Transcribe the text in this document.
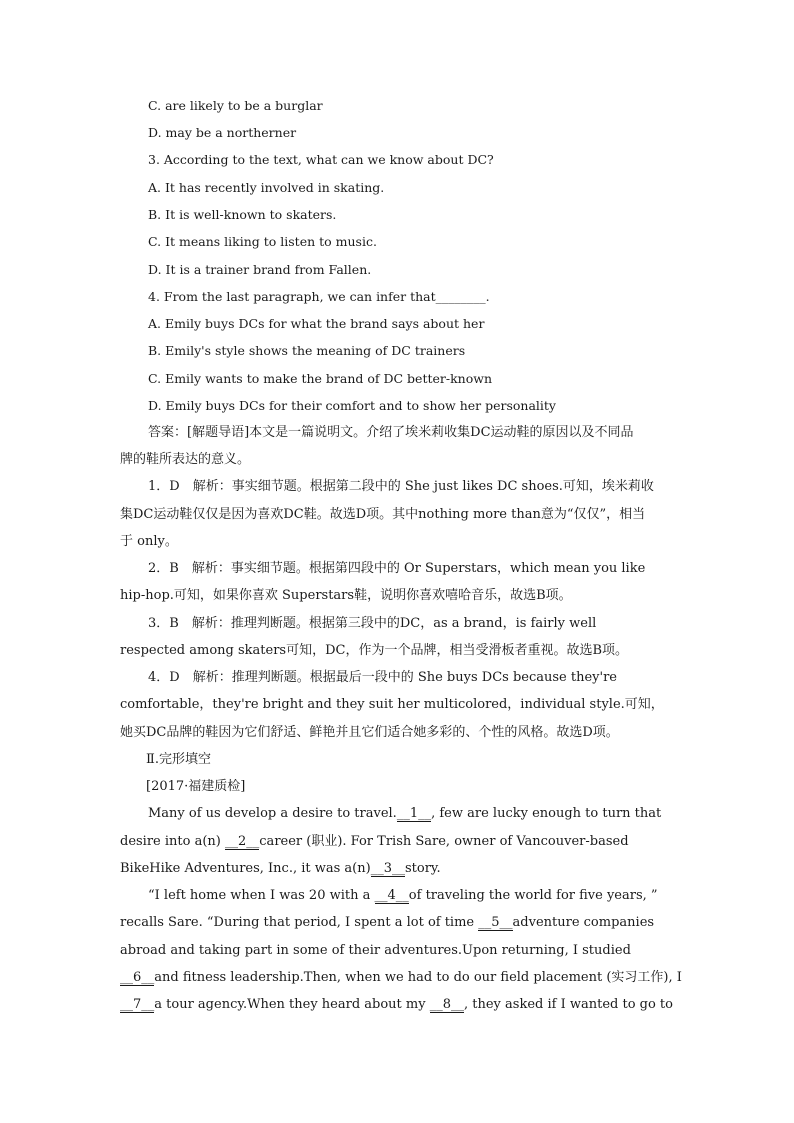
C. are likely to be a burglar
D. may be a northerner
3. According to the text, what can we know about DC?
A. It has recently involved in skating.
B. It is well-known to skaters.
C. It means liking to listen to music.
D. It is a trainer brand from Fallen.
4. From the last paragraph, we can infer that________.
A. Emily buys DCs for what the brand says about her
B. Emily's style shows the meaning of DC trainers
C. Emily wants to make the brand of DC better-known
D. Emily buys DCs for their comfort and to show her personality
答案：[解题导语]本文是一篇说明文。介绍了埃米莉收集DC运动鞋的原因以及不同品
牌的鞋所表达的意义。
1．D　解析：事实细节题。根据第二段中的 She just likes DC shoes.可知，埃米莉收
集DC运动鞋仅仅是因为喜欢DC鞋。故选D项。其中nothing more than意为“仅仅”，相当
于 only。
2．B　解析：事实细节题。根据第四段中的 Or Superstars，which mean you like
hip-hop.可知，如果你喜欢 Superstars鞋，说明你喜欢嘻哈音乐，故选B项。
3．B　解析：推理判断题。根据第三段中的DC，as a brand，is fairly well
respected among skaters可知，DC，作为一个品牌，相当受滑板者重视。故选B项。
4．D　解析：推理判断题。根据最后一段中的 She buys DCs because they're
comfortable，they're bright and they suit her multicolored，individual style.可知，
她买DC品牌的鞋因为它们舒适、鲜艳并且它们适合她多彩的、个性的风格。故选D项。
Ⅱ.完形填空
[2017·福建质检]
Many of us develop a desire to travel.__1__, few are lucky enough to turn that
desire into a(n) __2__career (职业). For Trish Sare, owner of Vancouver-based
BikeHike Adventures, Inc., it was a(n)__3__story.
“I left home when I was 20 with a __4__of traveling the world for five years, ”
recalls Sare. “During that period, I spent a lot of time __5__adventure companies
abroad and taking part in some of their adventures.Upon returning, I studied
__6__and fitness leadership.Then, when we had to do our field placement (实习工作), I
__7__a tour agency.When they heard about my __8__, they asked if I wanted to go to
